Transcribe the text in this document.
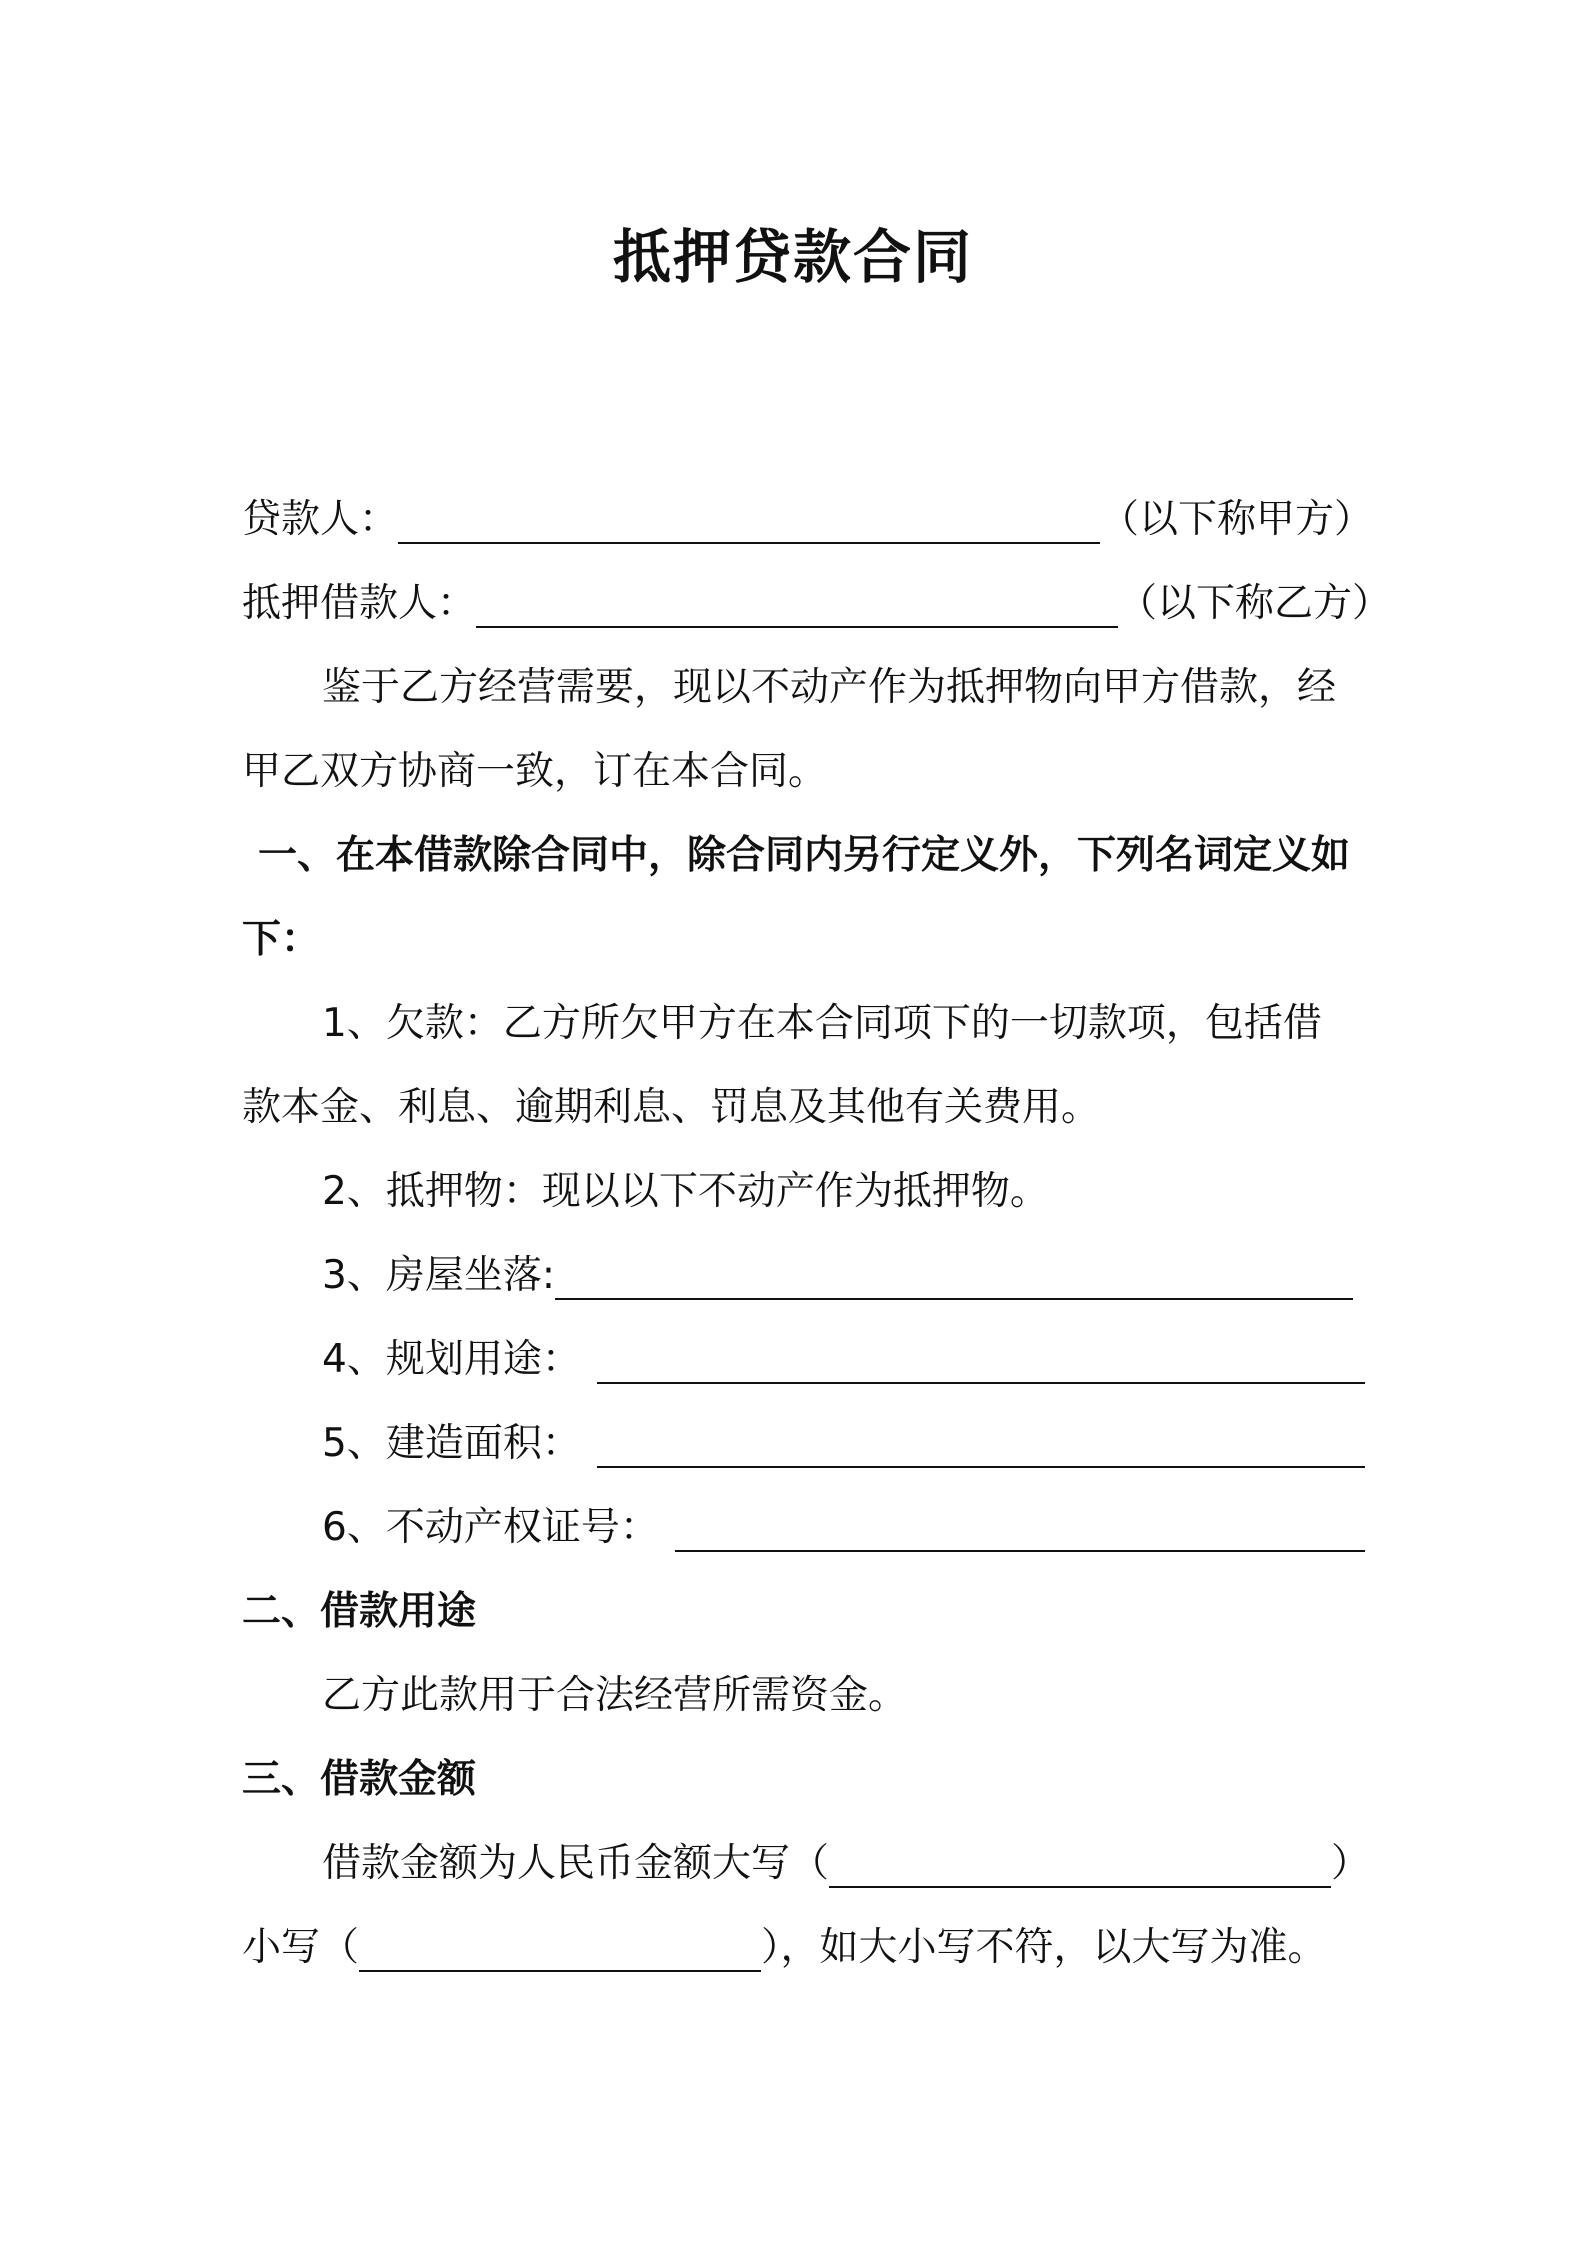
抵押贷款合同
贷款人：	（以下称甲方）
抵押借款人：	（以下称乙方）
鉴于乙方经营需要，现以不动产作为抵押物向甲方借款，经
甲乙双方协商一致，订在本合同。
一、在本借款除合同中，除合同内另行定义外，下列名词定义如
下：
1、欠款：乙方所欠甲方在本合同项下的一切款项，包括借
款本金、利息、逾期利息、罚息及其他有关费用。
2、抵押物：现以以下不动产作为抵押物。
3、房屋坐落:
4、规划用途：
5、建造面积：
6、不动产权证号：
二、借款用途
乙方此款用于合法经营所需资金。
三、借款金额
借款金额为人民币金额大写（	）
小写（	），如大小写不符，以大写为准。
